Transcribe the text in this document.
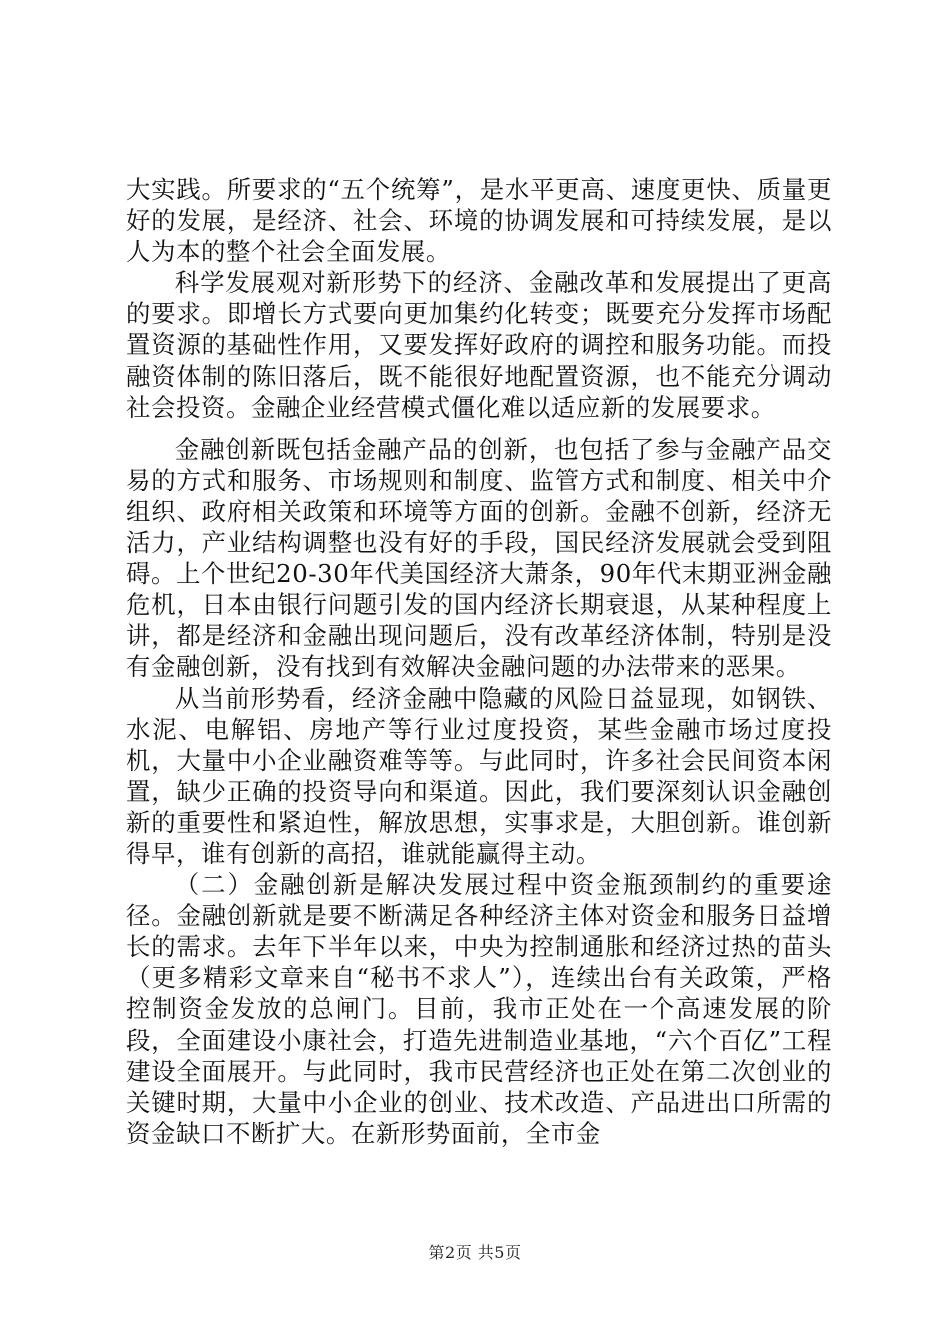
大实践。所要求的“五个统筹”，是水平更高、速度更快、质量更好的发展，是经济、社会、环境的协调发展和可持续发展，是以人为本的整个社会全面发展。

科学发展观对新形势下的经济、金融改革和发展提出了更高的要求。即增长方式要向更加集约化转变；既要充分发挥市场配置资源的基础性作用，又要发挥好政府的调控和服务功能。而投融资体制的陈旧落后，既不能很好地配置资源，也不能充分调动社会投资。金融企业经营模式僵化难以适应新的发展要求。

金融创新既包括金融产品的创新，也包括了参与金融产品交易的方式和服务、市场规则和制度、监管方式和制度、相关中介组织、政府相关政策和环境等方面的创新。金融不创新，经济无活力，产业结构调整也没有好的手段，国民经济发展就会受到阻碍。上个世纪20-30年代美国经济大萧条，90年代末期亚洲金融危机，日本由银行问题引发的国内经济长期衰退，从某种程度上讲，都是经济和金融出现问题后，没有改革经济体制，特别是没有金融创新，没有找到有效解决金融问题的办法带来的恶果。

从当前形势看，经济金融中隐藏的风险日益显现，如钢铁、水泥、电解铝、房地产等行业过度投资，某些金融市场过度投机，大量中小企业融资难等等。与此同时，许多社会民间资本闲置，缺少正确的投资导向和渠道。因此，我们要深刻认识金融创新的重要性和紧迫性，解放思想，实事求是，大胆创新。谁创新得早，谁有创新的高招，谁就能赢得主动。

（二）金融创新是解决发展过程中资金瓶颈制约的重要途径。金融创新就是要不断满足各种经济主体对资金和服务日益增长的需求。去年下半年以来，中央为控制通胀和经济过热的苗头（更多精彩文章来自“秘书不求人”），连续出台有关政策，严格控制资金发放的总闸门。目前，我市正处在一个高速发展的阶段，全面建设小康社会，打造先进制造业基地，“六个百亿”工程建设全面展开。与此同时，我市民营经济也正处在第二次创业的关键时期，大量中小企业的创业、技术改造、产品进出口所需的资金缺口不断扩大。在新形势面前，全市金

第2页 共5页
